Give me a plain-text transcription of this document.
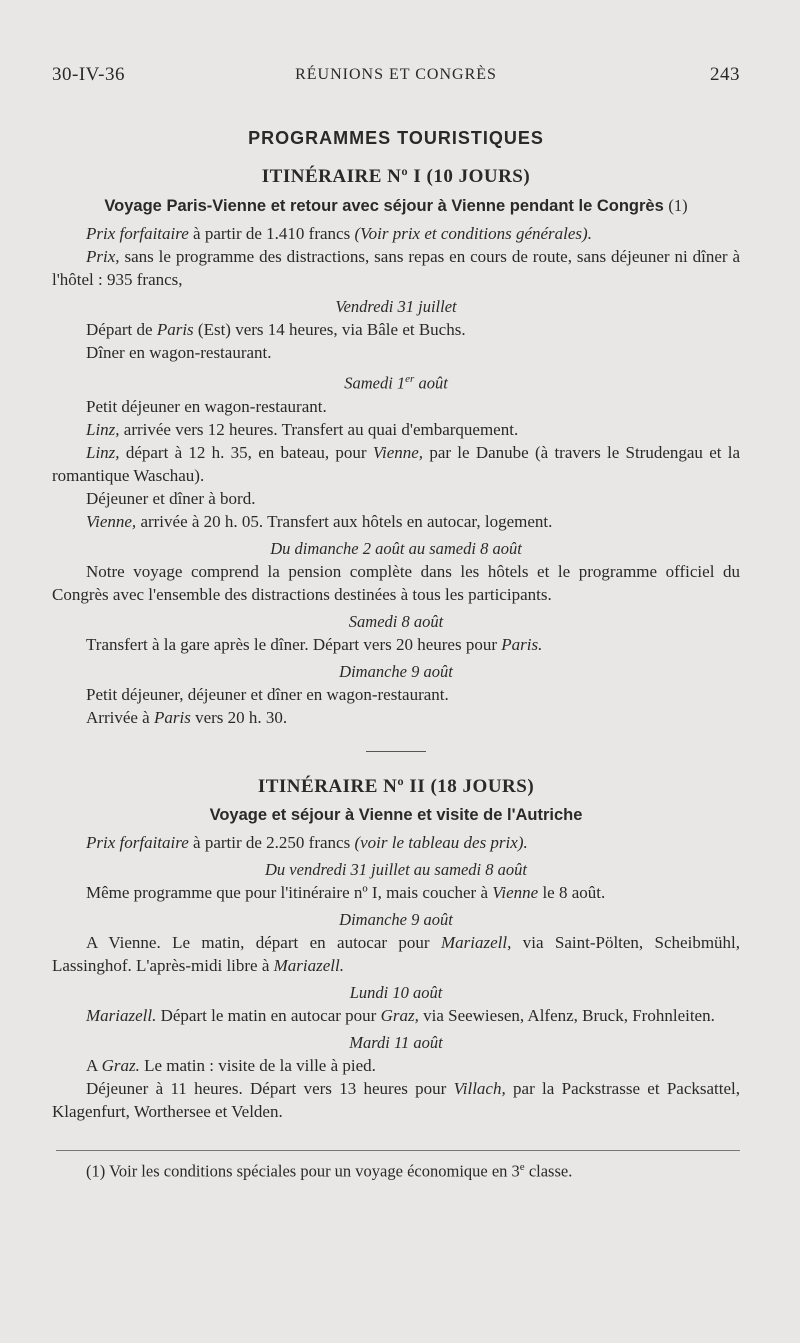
30-IV-36	RÉUNIONS ET CONGRÈS	243
PROGRAMMES TOURISTIQUES
ITINÉRAIRE Nº I (10 JOURS)
Voyage Paris-Vienne et retour avec séjour à Vienne pendant le Congrès (1)

Prix forfaitaire à partir de 1.410 francs (Voir prix et conditions générales).

Prix, sans le programme des distractions, sans repas en cours de route, sans déjeuner ni dîner à l'hôtel : 935 francs,

Vendredi 31 juillet

Départ de Paris (Est) vers 14 heures, via Bâle et Buchs.

Dîner en wagon-restaurant.

Samedi 1er août

Petit déjeuner en wagon-restaurant.

Linz, arrivée vers 12 heures. Transfert au quai d'embarquement.

Linz, départ à 12 h. 35, en bateau, pour Vienne, par le Danube (à travers le Strudengau et la romantique Waschau).

Déjeuner et dîner à bord.

Vienne, arrivée à 20 h. 05. Transfert aux hôtels en autocar, logement.

Du dimanche 2 août au samedi 8 août

Notre voyage comprend la pension complète dans les hôtels et le programme officiel du Congrès avec l'ensemble des distractions destinées à tous les participants.

Samedi 8 août

Transfert à la gare après le dîner. Départ vers 20 heures pour Paris.

Dimanche 9 août

Petit déjeuner, déjeuner et dîner en wagon-restaurant.

Arrivée à Paris vers 20 h. 30.

ITINÉRAIRE Nº II (18 JOURS)
Voyage et séjour à Vienne et visite de l'Autriche

Prix forfaitaire à partir de 2.250 francs (voir le tableau des prix).

Du vendredi 31 juillet au samedi 8 août

Même programme que pour l'itinéraire nº I, mais coucher à Vienne le 8 août.

Dimanche 9 août

A Vienne. Le matin, départ en autocar pour Mariazell, via Saint-Pölten, Scheibmühl, Lassinghof. L'après-midi libre à Mariazell.

Lundi 10 août

Mariazell. Départ le matin en autocar pour Graz, via Seewiesen, Alfenz, Bruck, Frohnleiten.

Mardi 11 août

A Graz. Le matin : visite de la ville à pied.

Déjeuner à 11 heures. Départ vers 13 heures pour Villach, par la Packstrasse et Packsattel, Klagenfurt, Worthersee et Velden.

(1) Voir les conditions spéciales pour un voyage économique en 3e classe.
